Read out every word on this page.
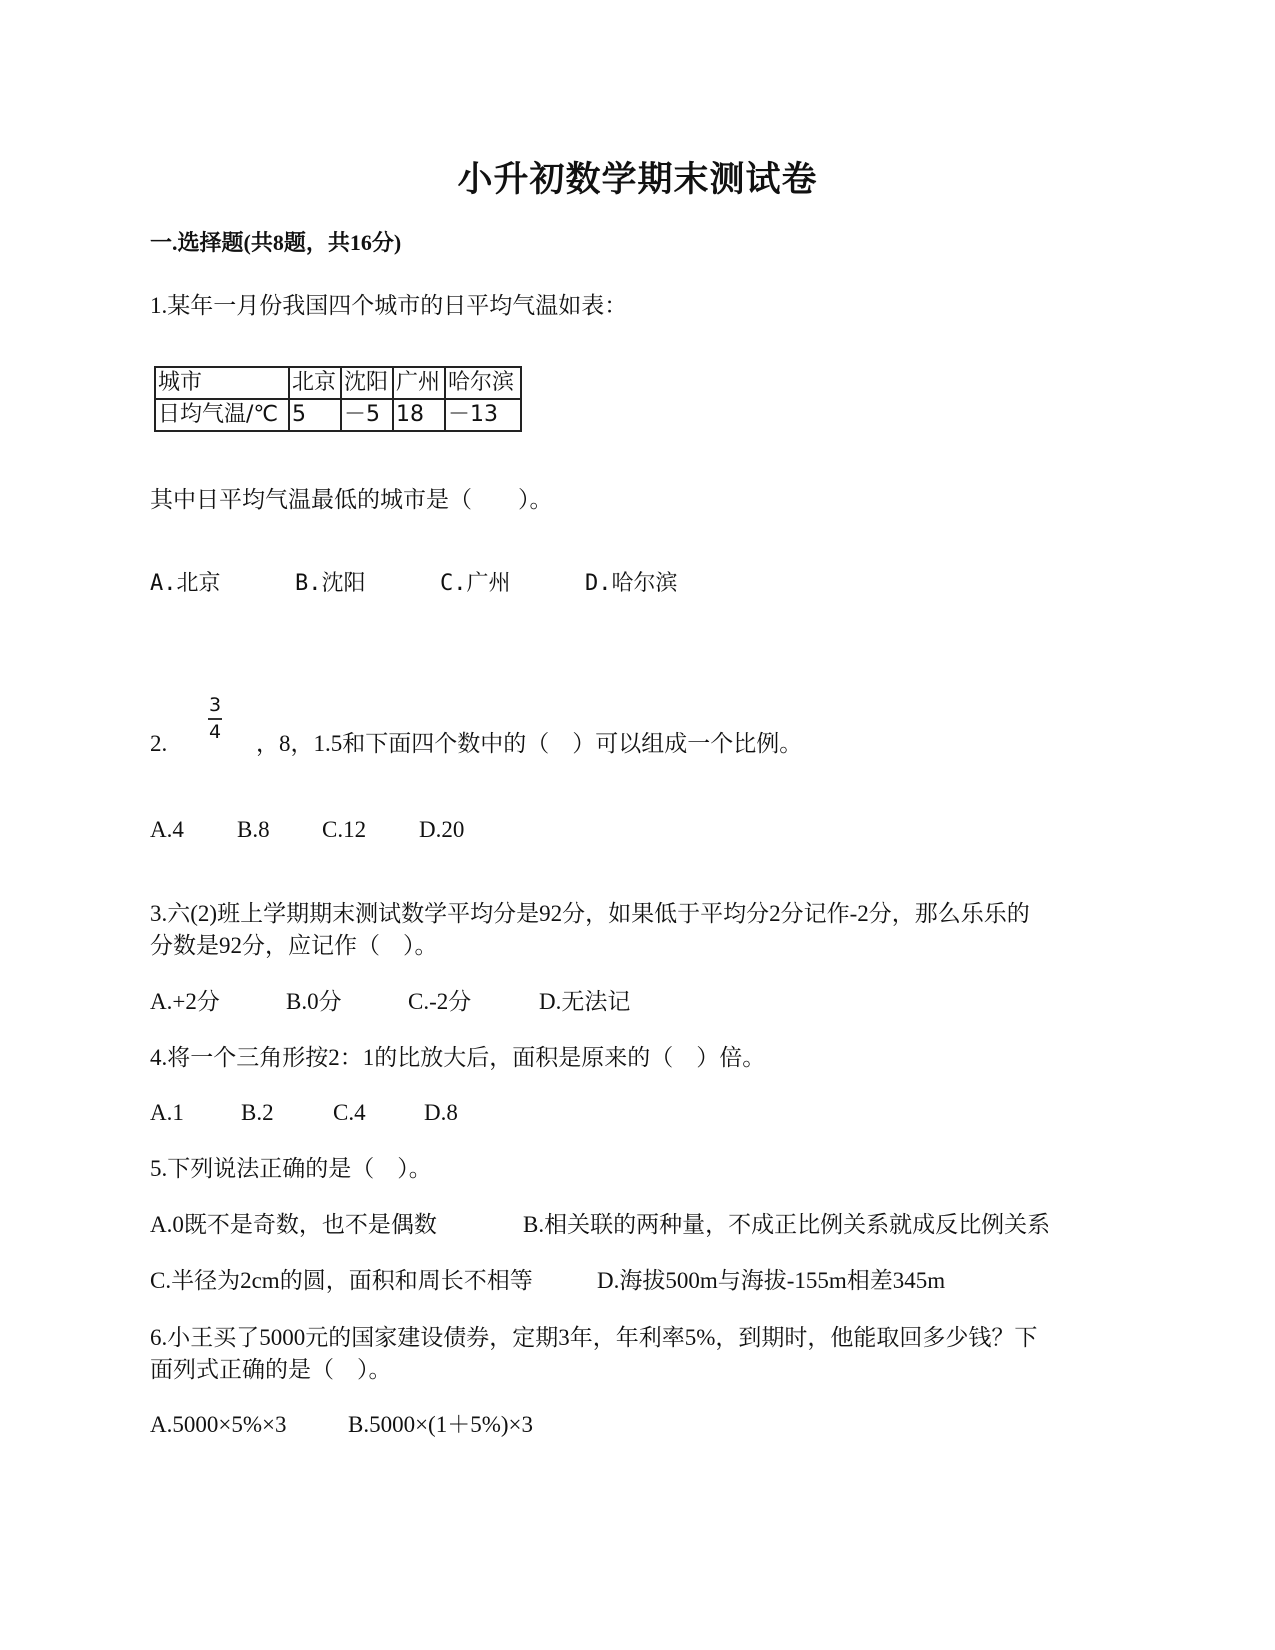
小升初数学期末测试卷
一.选择题(共8题，共16分)
1.某年一月份我国四个城市的日平均气温如表：
城市	北京	沈阳	广州	哈尔滨
日均气温/℃	5	－5	18	－13
其中日平均气温最低的城市是（　　）。
A.北京	B.沈阳	C.广州	D.哈尔滨
3
4
2.	，8，1.5和下面四个数中的（　）可以组成一个比例。
A.4 B.8 C.12 D.20
3.六(2)班上学期期末测试数学平均分是92分，如果低于平均分2分记作-2分，那么乐乐的
分数是92分，应记作（　）。
A.+2分	B.0分	C.-2分	D.无法记
4.将一个三角形按2：1的比放大后，面积是原来的（　）倍。
A.1 B.2	C.4	D.8
5.下列说法正确的是（　）。
A.0既不是奇数，也不是偶数	B.相关联的两种量，不成正比例关系就成反比例关系
C.半径为2cm的圆，面积和周长不相等	D.海拔500m与海拔-155m相差345m
6.小王买了5000元的国家建设债券，定期3年，年利率5%，到期时，他能取回多少钱？下
面列式正确的是（　）。
A.5000×5%×3	B.5000×(1＋5%)×3
